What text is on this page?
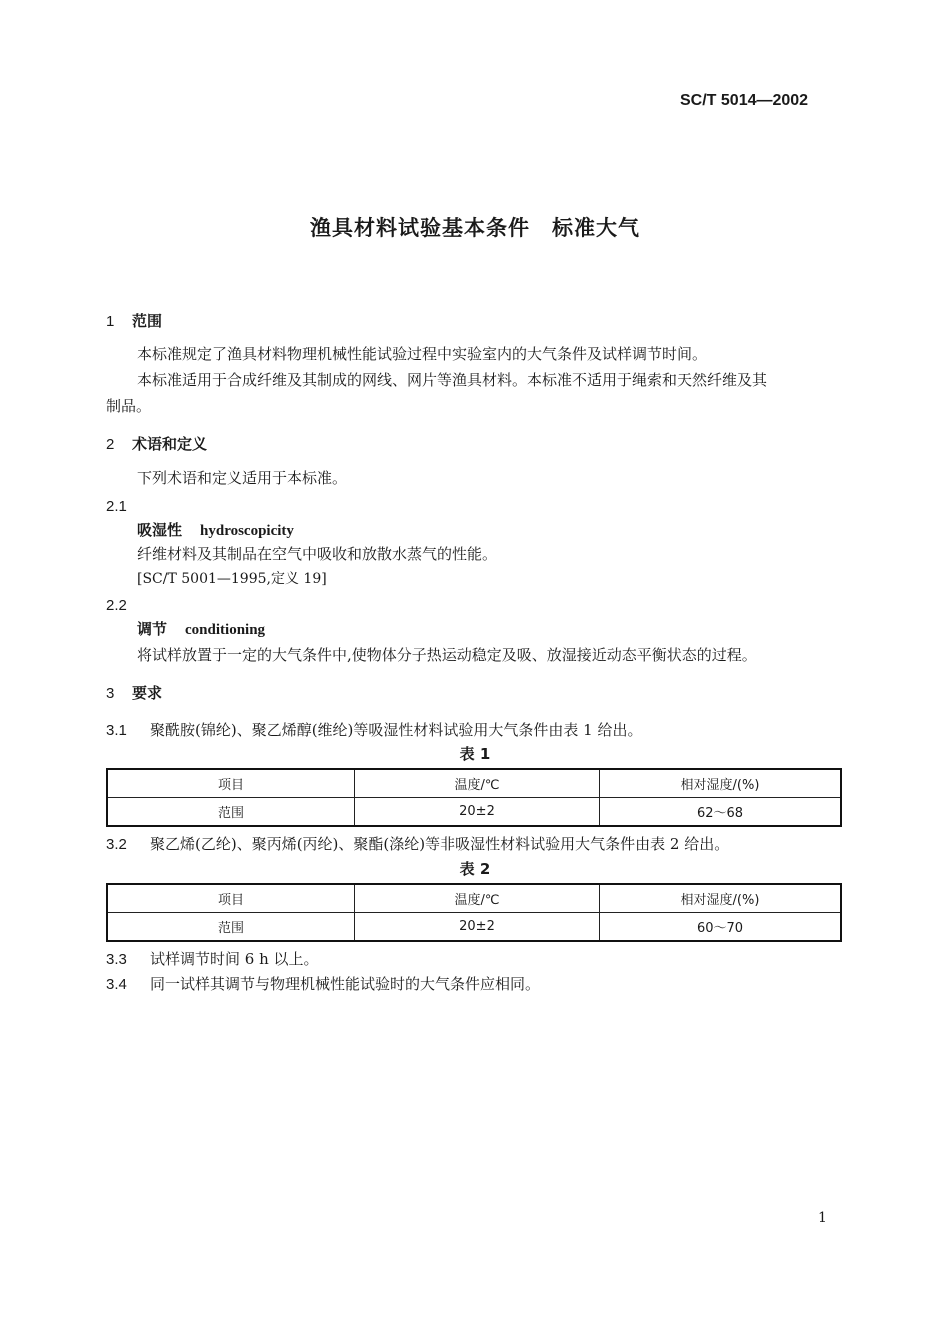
SC/T 5014—2002
渔具材料试验基本条件　标准大气
1 范围
本标准规定了渔具材料物理机械性能试验过程中实验室内的大气条件及试样调节时间。
本标准适用于合成纤维及其制成的网线、网片等渔具材料。本标准不适用于绳索和天然纤维及其
制品。
2 术语和定义
下列术语和定义适用于本标准。
2.1
吸湿性 hydroscopicity
纤维材料及其制品在空气中吸收和放散水蒸气的性能。
[SC/T 5001—1995,定义 19]
2.2
调节 conditioning
将试样放置于一定的大气条件中,使物体分子热运动稳定及吸、放湿接近动态平衡状态的过程。
3 要求
3.1 聚酰胺(锦纶)、聚乙烯醇(维纶)等吸湿性材料试验用大气条件由表 1 给出。
表 1
项目	温度/℃	相对湿度/(%)
范围	20±2	62～68
3.2 聚乙烯(乙纶)、聚丙烯(丙纶)、聚酯(涤纶)等非吸湿性材料试验用大气条件由表 2 给出。
表 2
项目	温度/℃	相对湿度/(%)
范围	20±2	60～70
3.3 试样调节时间 6 h 以上。
3.4 同一试样其调节与物理机械性能试验时的大气条件应相同。
1
